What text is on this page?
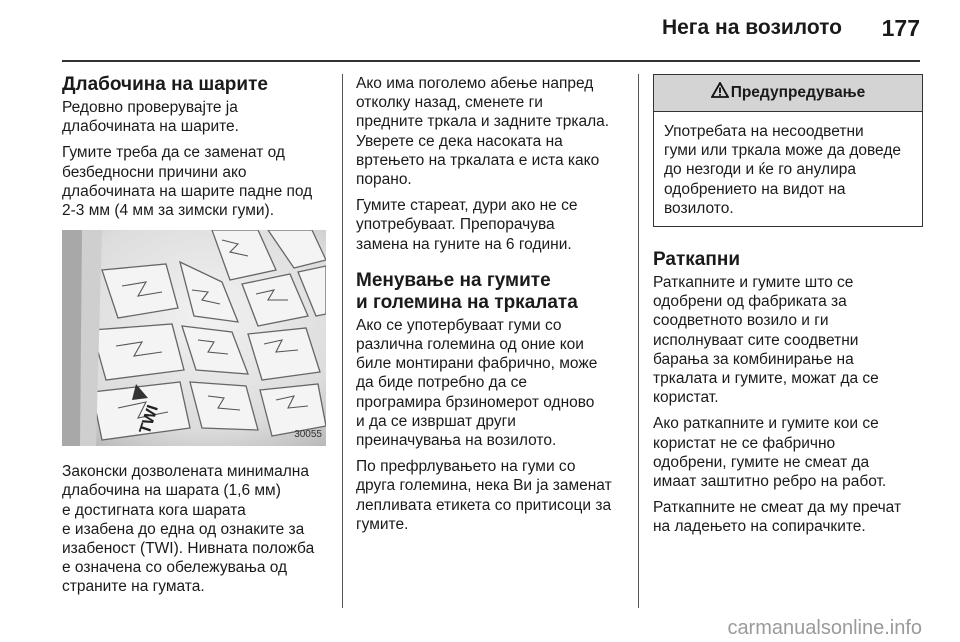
Нега на возилото 177
Длабочина на шарите

Редовно проверувајте ја
длабочината на шарите.

Гумите треба да се заменат од
безбедносни причини ако
длабочината на шарите падне под
2-3 мм (4 мм за зимски гуми).

TWI	30055

Законски дозволената минимална
длабочина на шарата (1,6 мм)
е достигната кога шарата
е изабена до една од ознаките за
изабеност (TWI). Нивната положба
е означена со обележувања од
страните на гумата.

Ако има поголемо абење напред
отколку назад, сменете ги
предните тркала и задните тркала.
Уверете се дека насоката на
вртењето на тркалата е иста како
порано.

Гумите стареат, дури ако не се
употребуваат. Препорачува
замена на гуните на 6 години.

Менување на гумите
и големина на тркалата

Ако се употербуваат гуми со
различна големина од оние кои
биле монтирани фабрично, може
да биде потребно да се
програмира брзиномерот одново
и да се извршат други
преиначувања на возилото.

По префрлувањето на гуми со
друга големина, нека Ви ја заменат
лепливата етикета со притисоци за
гумите.

Предупредување
Употребата на несоодветни
гуми или тркала може да доведе
до незгоди и ќе го анулира
одобрението на видот на
возилото.
Раткапни

Раткапните и гумите што се
одобрени од фабриката за
соодветното возило и ги
исполнуваат сите соодветни
барања за комбинирање на
тркалата и гумите, можат да се
користат.

Ако раткапните и гумите кои се
користат не се фабрично
одобрени, гумите не смеат да
имаат заштитно ребро на работ.

Раткапните не смеат да му пречат
на ладењето на сопирачките.

carmanualsonline.info
